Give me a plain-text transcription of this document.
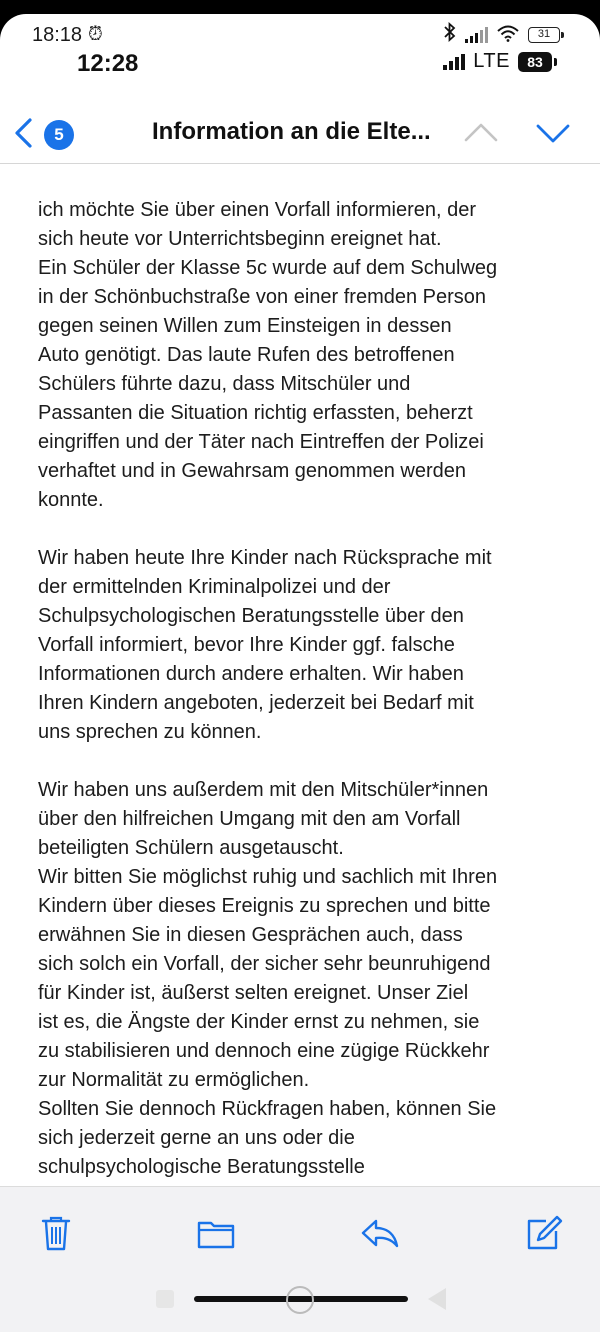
18:18 ⏰︎
12:28
31
LTE	83
5	Information an die Elte...

ich möchte Sie über einen Vorfall informieren, der
sich heute vor Unterrichtsbeginn ereignet hat.
Ein Schüler der Klasse 5c wurde auf dem Schulweg
in der Schönbuchstraße von einer fremden Person
gegen seinen Willen zum Einsteigen in dessen
Auto genötigt. Das laute Rufen des betroffenen
Schülers führte dazu, dass Mitschüler und
Passanten die Situation richtig erfassten, beherzt
eingriffen und der Täter nach Eintreffen der Polizei
verhaftet und in Gewahrsam genommen werden
konnte.

Wir haben heute Ihre Kinder nach Rücksprache mit
der ermittelnden Kriminalpolizei und der
Schulpsychologischen Beratungsstelle über den
Vorfall informiert, bevor Ihre Kinder ggf. falsche
Informationen durch andere erhalten. Wir haben
Ihren Kindern angeboten, jederzeit bei Bedarf mit
uns sprechen zu können.

Wir haben uns außerdem mit den Mitschüler*innen
über den hilfreichen Umgang mit den am Vorfall
beteiligten Schülern ausgetauscht.
Wir bitten Sie möglichst ruhig und sachlich mit Ihren
Kindern über dieses Ereignis zu sprechen und bitte
erwähnen Sie in diesen Gesprächen auch, dass
sich solch ein Vorfall, der sicher sehr beunruhigend
für Kinder ist, äußerst selten ereignet. Unser Ziel
ist es, die Ängste der Kinder ernst zu nehmen, sie
zu stabilisieren und dennoch eine zügige Rückkehr
zur Normalität zu ermöglichen.
Sollten Sie dennoch Rückfragen haben, können Sie
sich jederzeit gerne an uns oder die
schulpsychologische Beratungsstelle
